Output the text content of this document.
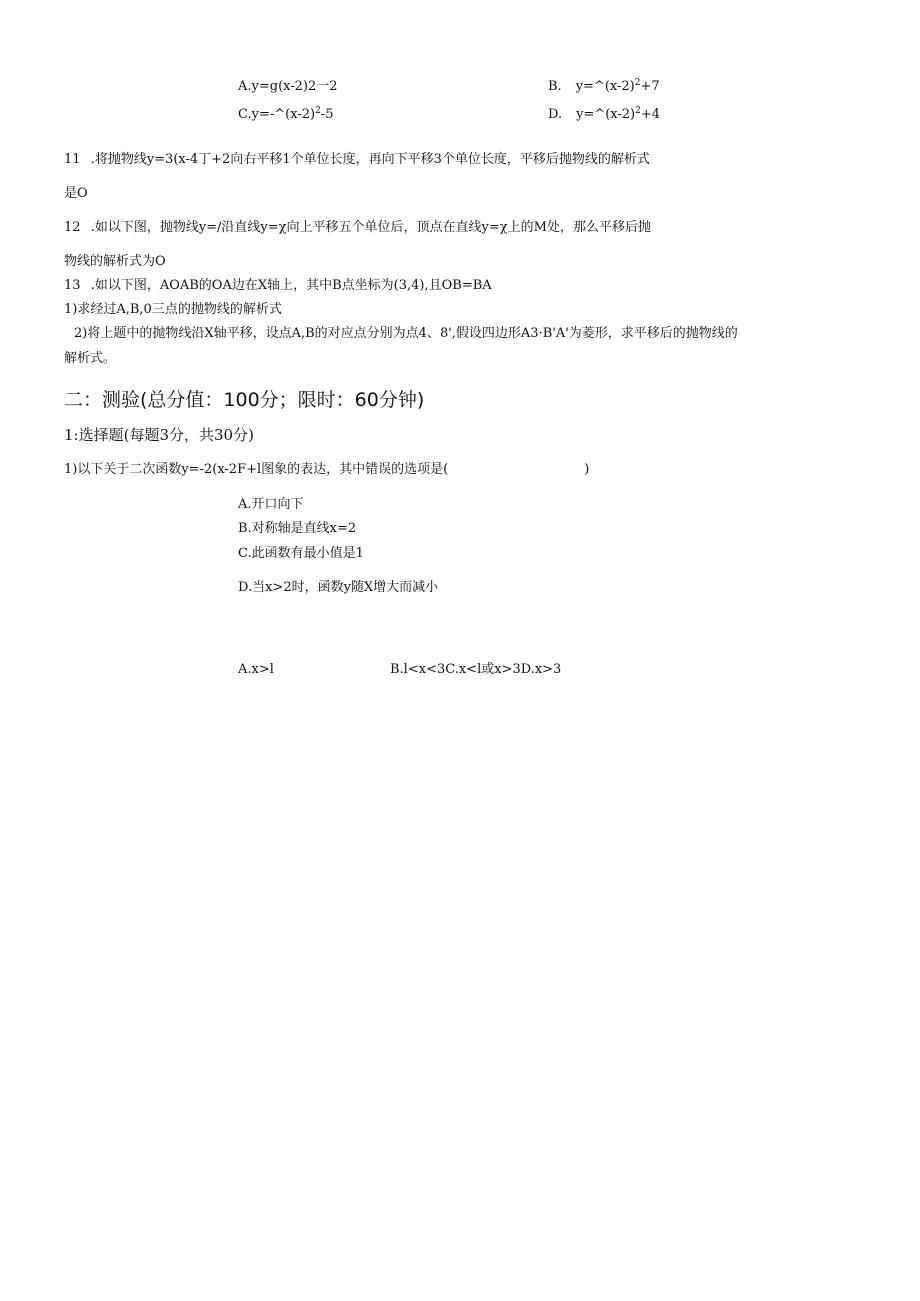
A.y=g(x-2)2一2	B. $y=\^{}(x-2)^2+7$
$C.y=-\^{}(x-2)^2-5$	D. $y=\^{}(x-2)^2+4$
11 .将抛物线y=3(x-4丁+2向右平移1个单位长度，再向下平移3个单位长度，平移后抛物线的解析式
是O
12 .如以下图，抛物线y=/沿直线y=χ向上平移五个单位后，顶点在直线y=χ上的M处，那么平移后抛
物线的解析式为O
13 .如以下图，AOAB的OA边在X轴上，其中B点坐标为(3,4),且OB=BA
1)求经过A,B,0三点的抛物线的解析式
2)将上题中的抛物线沿X轴平移，设点A,B的对应点分别为点4、8',假设四边形A3·B'A'为菱形，求平移后的抛物线的
解析式。
二：测验(总分值：100分；限时：60分钟)
1:选择题(每题3分，共30分)
1)以下关于二次函数y=-2(x-2F+l图象的表达，其中错误的选项是(	)
A.开口向下
B.对称轴是直线x=2
C.此函数有最小值是1
D.当x>2时，函数y随X增大而减小
A.x>l	B.l<x<3C.x<l或x>3D.x>3
